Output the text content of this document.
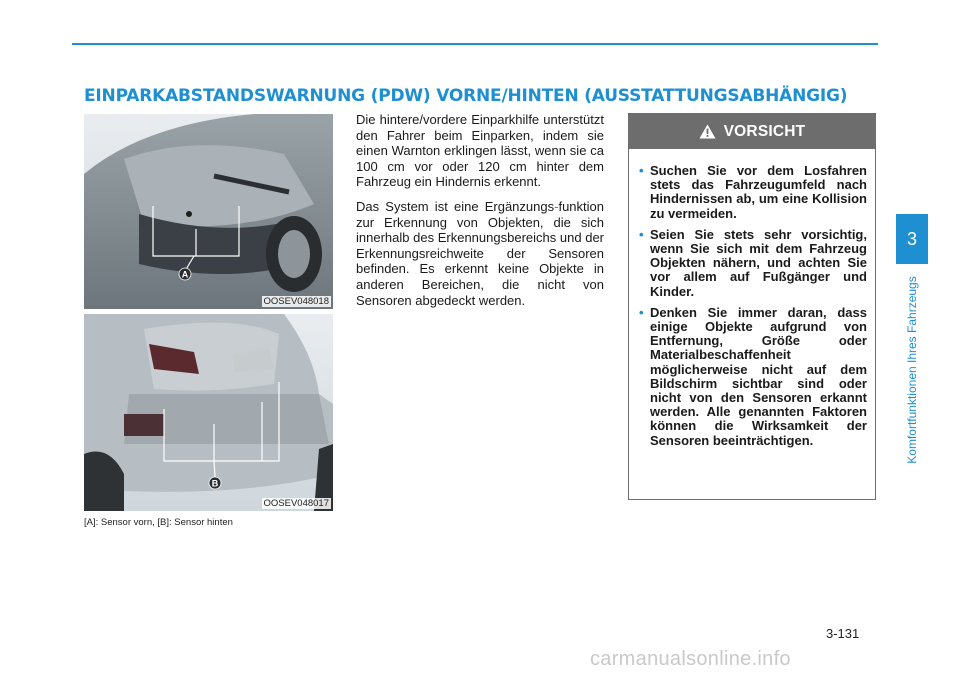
EINPARKABSTANDSWARNUNG (PDW) VORNE/HINTEN (AUSSTATTUNGSABHÄNGIG)
A
OOSEV048018
B
OOSEV048017
[A]: Sensor vorn, [B]: Sensor hinten

Die hintere/vordere Einparkhilfe unterstützt den Fahrer beim Einparken, indem sie einen Warnton erklingen lässt, wenn sie ca 100 cm vor oder 120 cm hinter dem Fahrzeug ein Hindernis erkennt.

Das System ist eine Ergänzungs-funktion zur Erkennung von Objekten, die sich innerhalb des Erkennungsbereichs und der Erkennungsreichweite der Sensoren befinden. Es erkennt keine Objekte in anderen Bereichen, die nicht von Sensoren abgedeckt werden.

VORSICHT
• Suchen Sie vor dem Losfahren stets das Fahrzeugumfeld nach Hindernissen ab, um eine Kollision zu vermeiden.
• Seien Sie stets sehr vorsichtig, wenn Sie sich mit dem Fahrzeug Objekten nähern, und achten Sie vor allem auf Fußgänger und Kinder.
• Denken Sie immer daran, dass einige Objekte aufgrund von Entfernung, Größe oder Materialbeschaffenheit möglicherweise nicht auf dem Bildschirm sichtbar sind oder nicht von den Sensoren erkannt werden. Alle genannten Faktoren können die Wirksamkeit der Sensoren beeinträchtigen.
3
Komfortfunktionen Ihres Fahrzeugs
3-131
carmanualsonline.info
